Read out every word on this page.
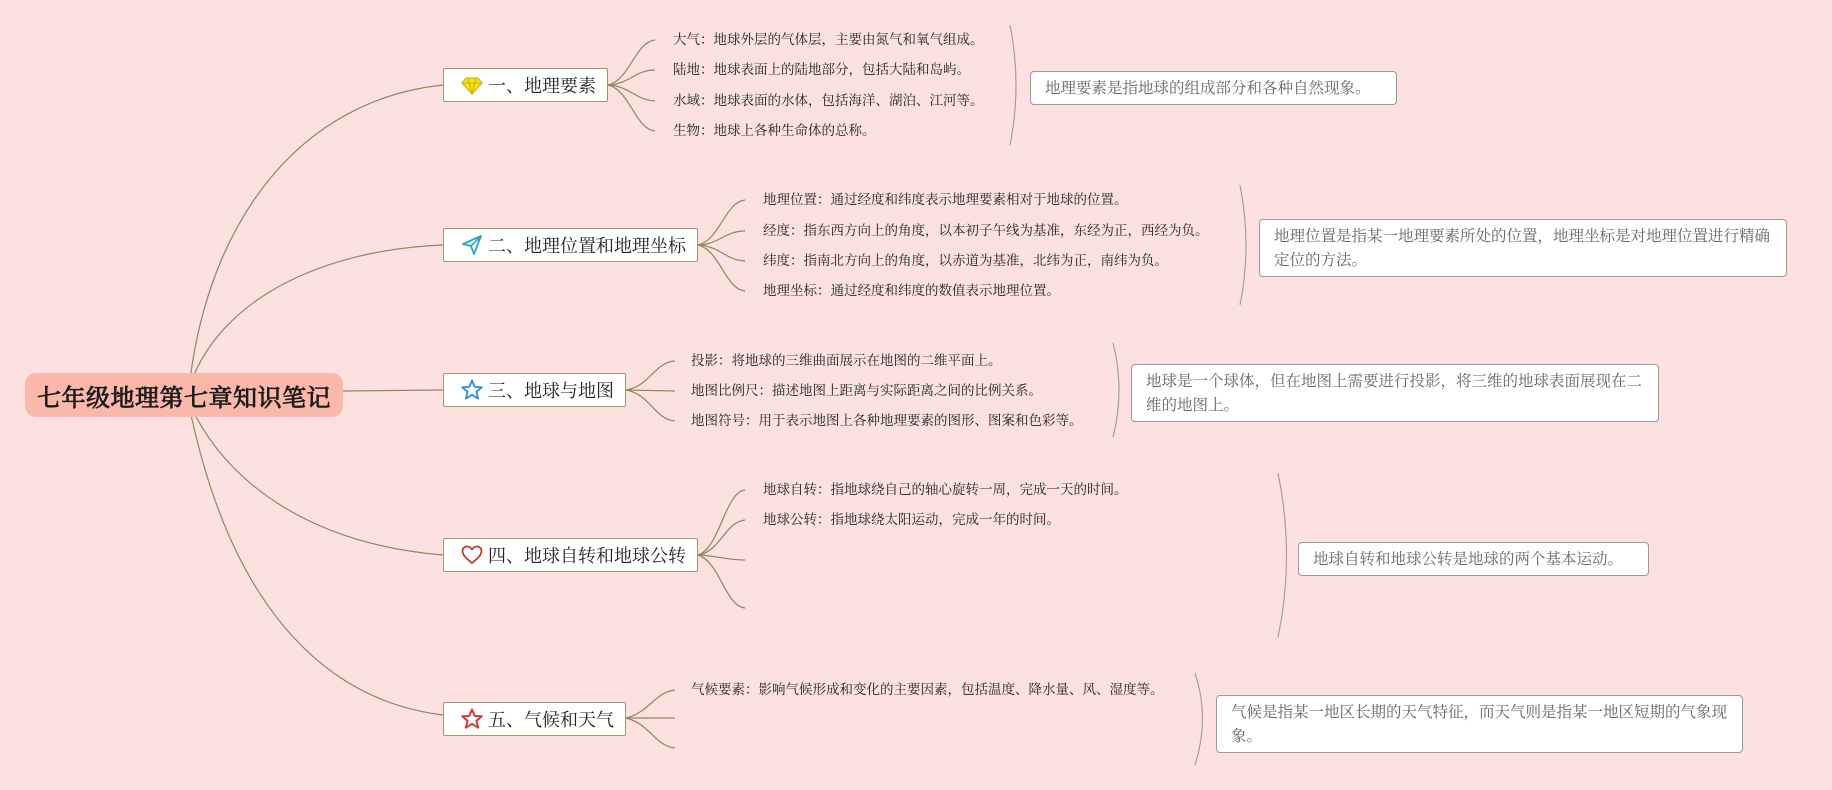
七年级地理第七章知识笔记
一、地理要素
大气：地球外层的气体层，主要由氮气和氧气组成。
陆地：地球表面上的陆地部分，包括大陆和岛屿。
水域：地球表面的水体，包括海洋、湖泊、江河等。
生物：地球上各种生命体的总称。
地理要素是指地球的组成部分和各种自然现象。
二、地理位置和地理坐标
地理位置：通过经度和纬度表示地理要素相对于地球的位置。
经度：指东西方向上的角度，以本初子午线为基准，东经为正，西经为负。
纬度：指南北方向上的角度，以赤道为基准，北纬为正，南纬为负。
地理坐标：通过经度和纬度的数值表示地理位置。
地理位置是指某一地理要素所处的位置，地理坐标是对地理位置进行精确定位的方法。
三、地球与地图
投影：将地球的三维曲面展示在地图的二维平面上。
地图比例尺：描述地图上距离与实际距离之间的比例关系。
地图符号：用于表示地图上各种地理要素的图形、图案和色彩等。
地球是一个球体，但在地图上需要进行投影，将三维的地球表面展现在二维的地图上。
四、地球自转和地球公转
地球自转：指地球绕自己的轴心旋转一周，完成一天的时间。
地球公转：指地球绕太阳运动，完成一年的时间。
地球自转和地球公转是地球的两个基本运动。
五、气候和天气
气候要素：影响气候形成和变化的主要因素，包括温度、降水量、风、湿度等。
气候是指某一地区长期的天气特征，而天气则是指某一地区短期的气象现象。
